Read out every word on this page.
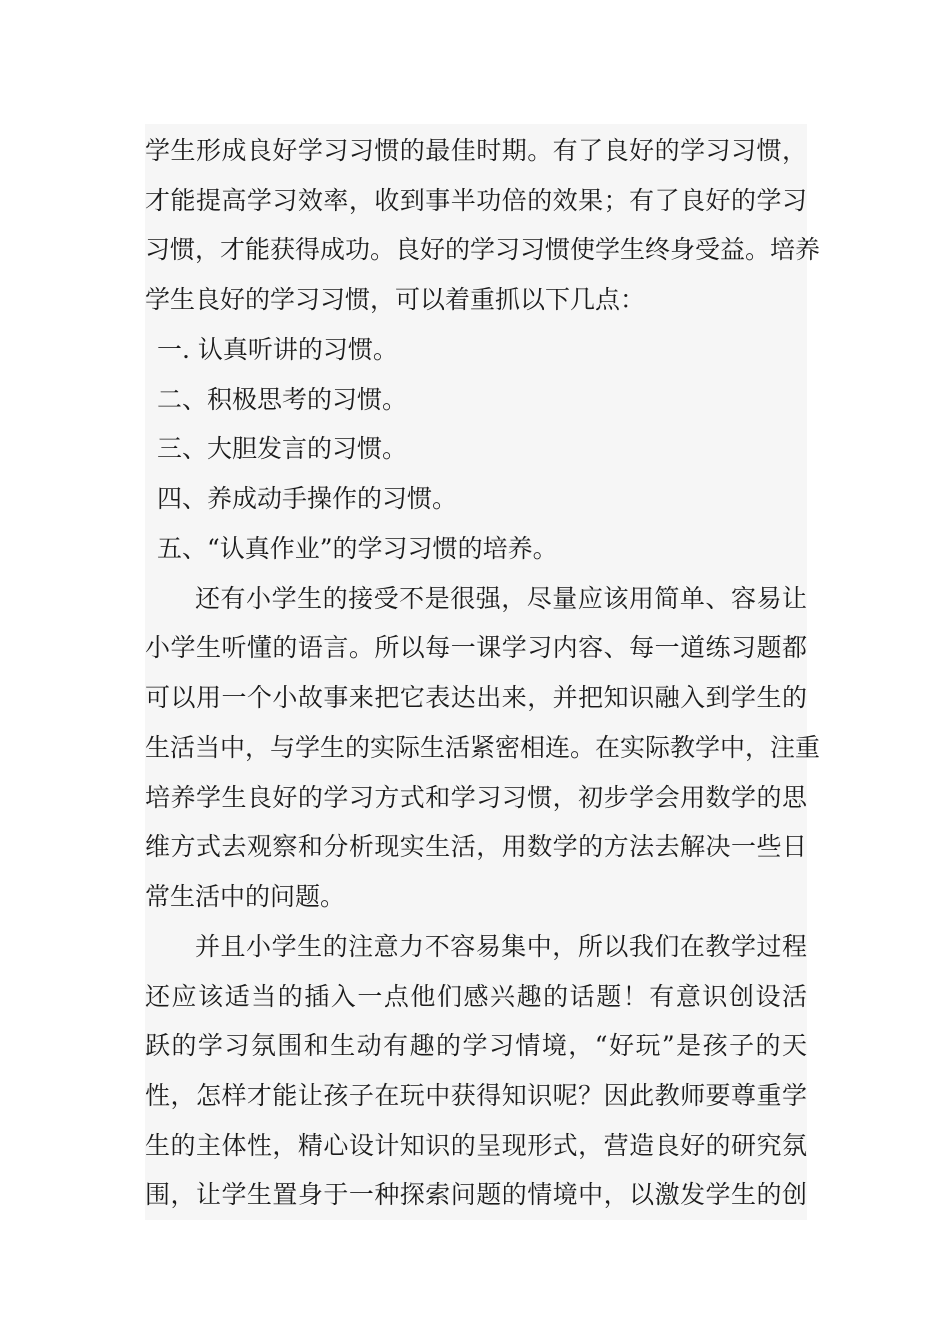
学生形成良好学习习惯的最佳时期。有了良好的学习习惯，
才能提高学习效率，收到事半功倍的效果；有了良好的学习
习惯，才能获得成功。良好的学习习惯使学生终身受益。培养
学生良好的学习习惯，可以着重抓以下几点：
一. 认真听讲的习惯。
二、积极思考的习惯。
三、大胆发言的习惯。
四、养成动手操作的习惯。
五、“认真作业”的学习习惯的培养。
还有小学生的接受不是很强，尽量应该用简单、容易让
小学生听懂的语言。所以每一课学习内容、每一道练习题都
可以用一个小故事来把它表达出来，并把知识融入到学生的
生活当中，与学生的实际生活紧密相连。在实际教学中，注重
培养学生良好的学习方式和学习习惯，初步学会用数学的思
维方式去观察和分析现实生活，用数学的方法去解决一些日
常生活中的问题。
并且小学生的注意力不容易集中，所以我们在教学过程
还应该适当的插入一点他们感兴趣的话题！有意识创设活
跃的学习氛围和生动有趣的学习情境，“好玩”是孩子的天
性，怎样才能让孩子在玩中获得知识呢？因此教师要尊重学
生的主体性，精心设计知识的呈现形式，营造良好的研究氛
围，让学生置身于一种探索问题的情境中，以激发学生的创
